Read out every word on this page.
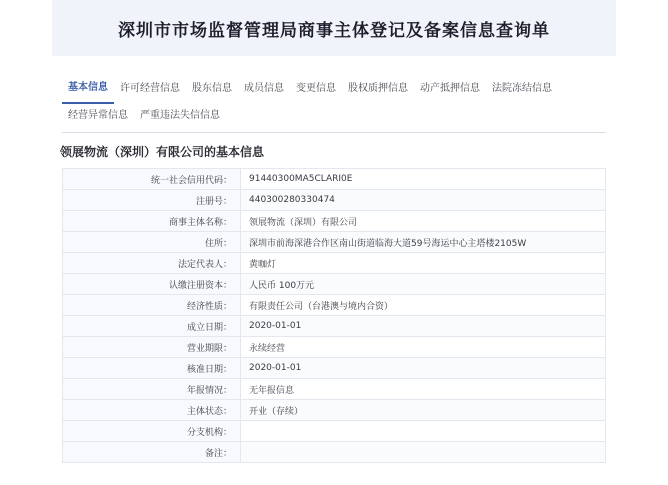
深圳市市场监督管理局商事主体登记及备案信息查询单
基本信息	许可经营信息	股东信息	成员信息	变更信息	股权质押信息	动产抵押信息	法院冻结信息
经营异常信息	严重违法失信信息
领展物流（深圳）有限公司的基本信息
统一社会信用代码：	91440300MA5CLARI0E
注册号：	440300280330474
商事主体名称：	领展物流（深圳）有限公司
住所：	深圳市前海深港合作区南山街道临海大道59号海运中心主塔楼2105W
法定代表人：	黄咖灯
认缴注册资本：	人民币 100万元
经济性质：	有限责任公司（台港澳与境内合资）
成立日期：	2020-01-01
营业期限：	永续经营
核准日期：	2020-01-01
年报情况：	无年报信息
主体状态：	开业（存续）
分支机构：	
备注：	
